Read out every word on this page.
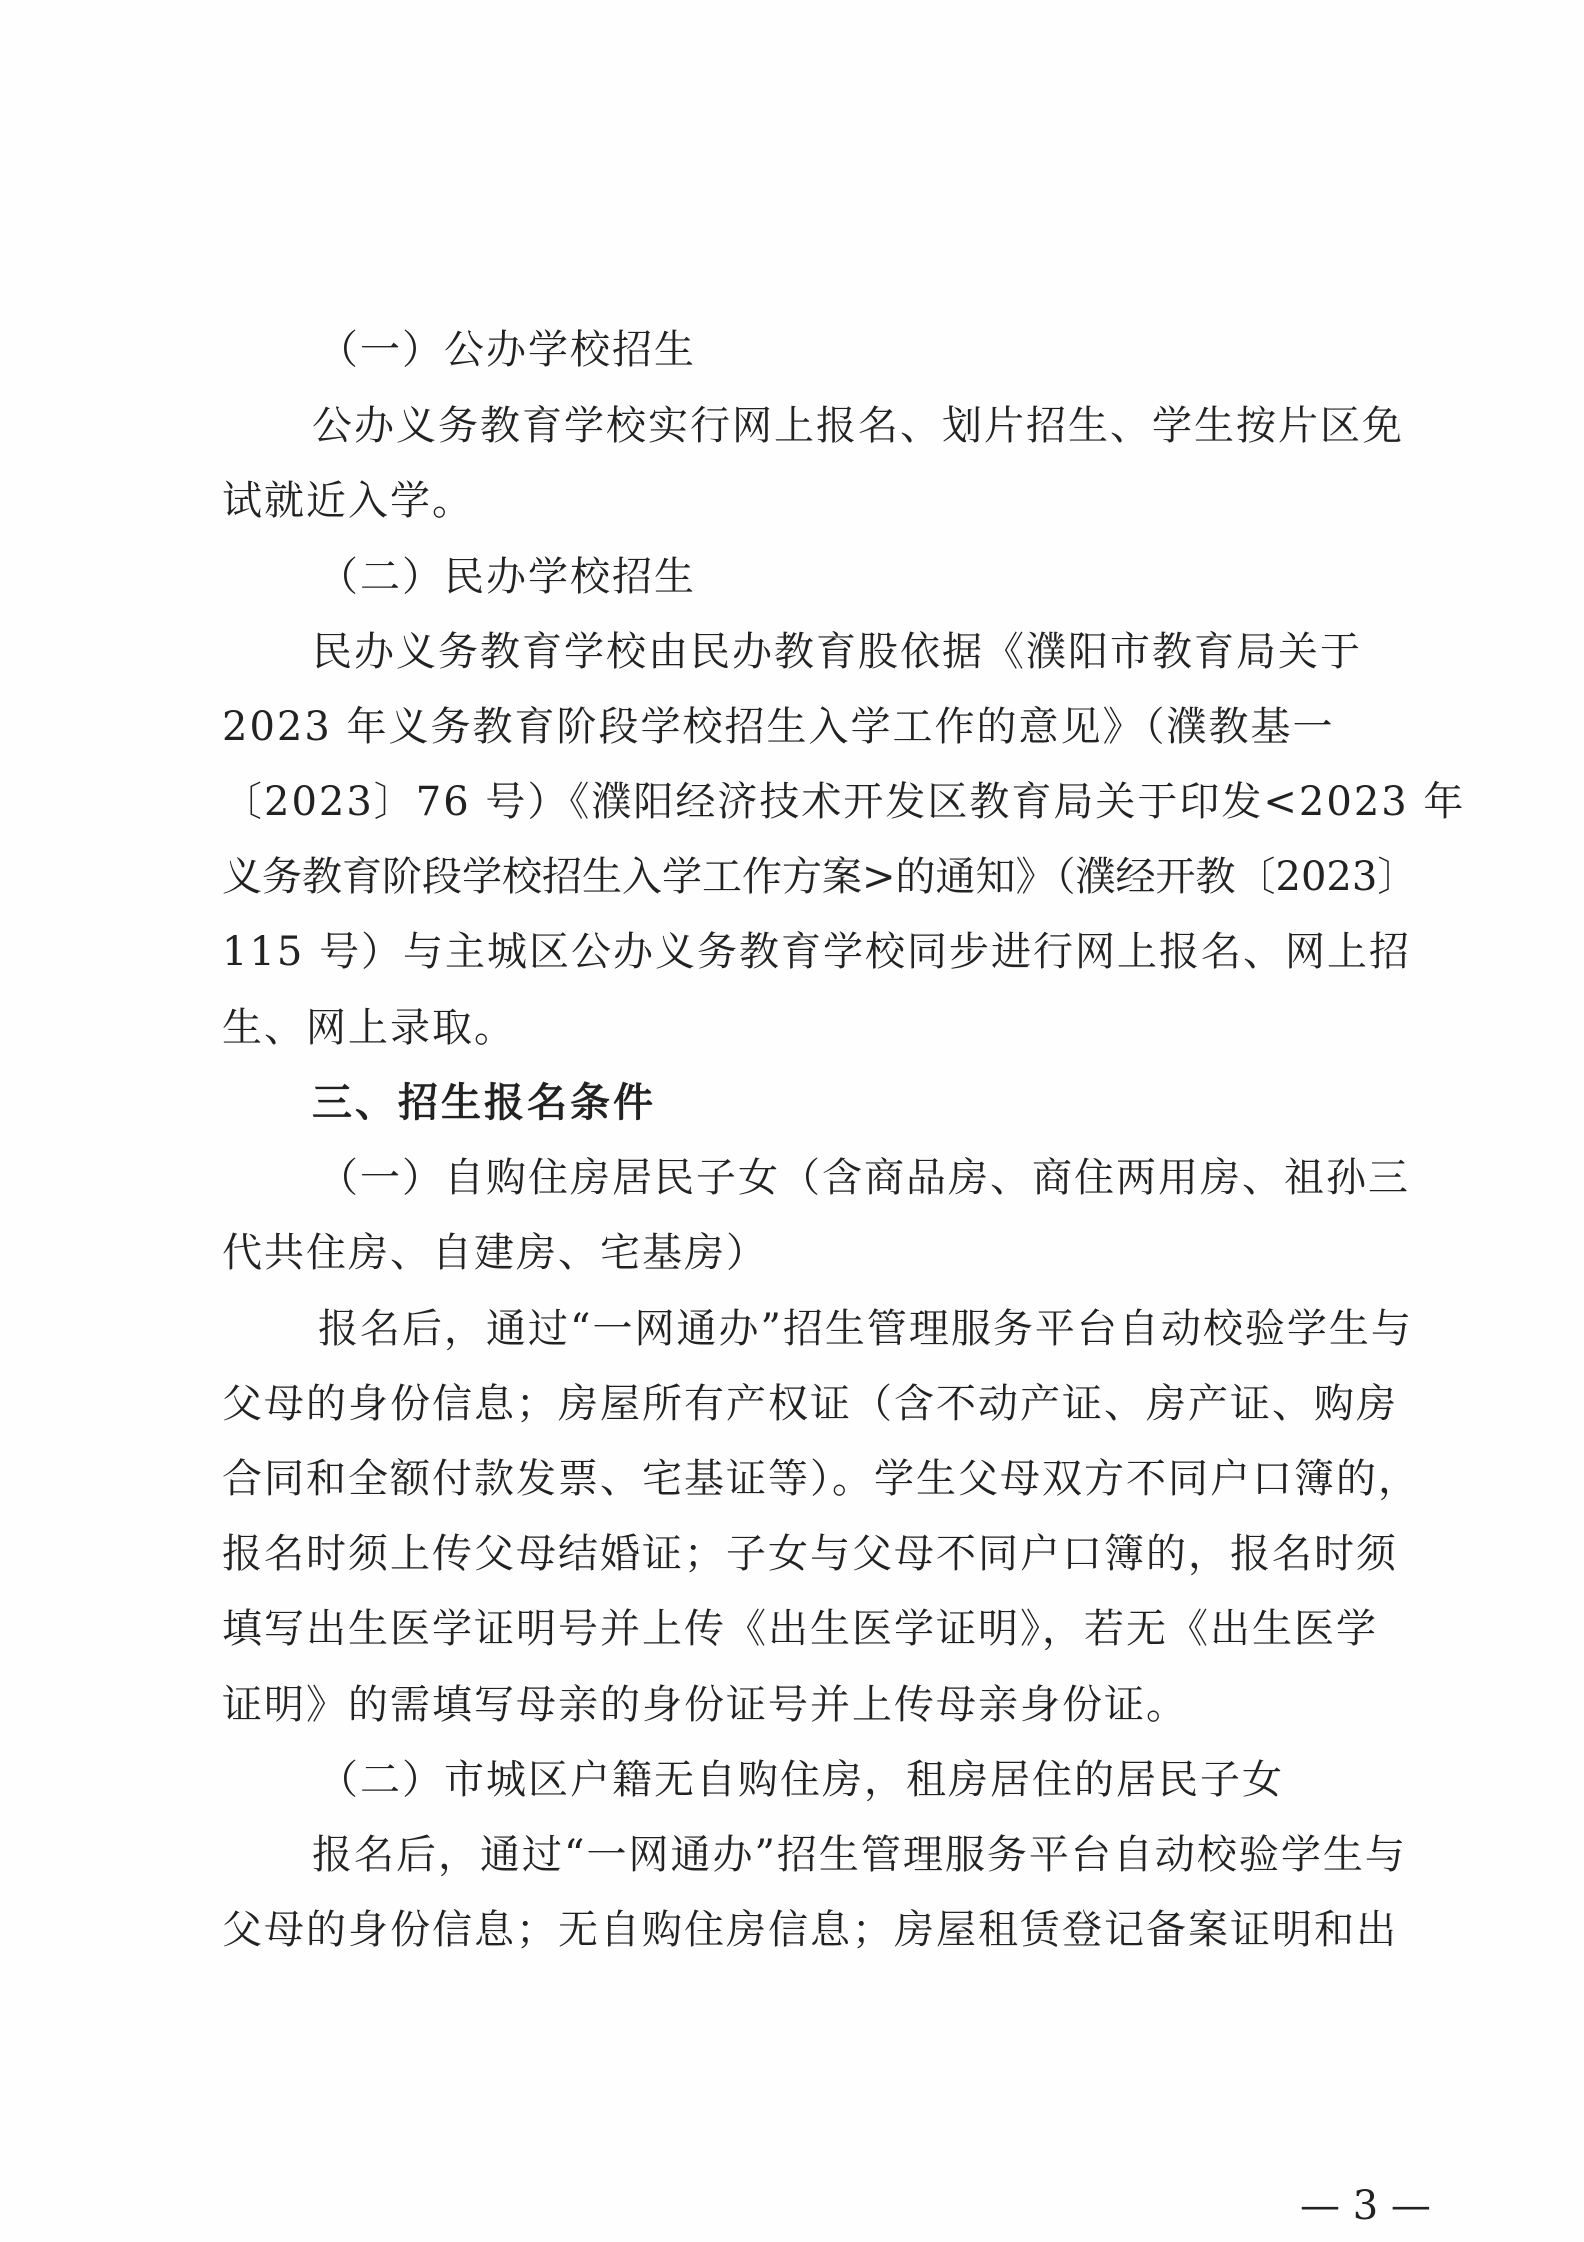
（一）公办学校招生
公办义务教育学校实行网上报名、划片招生、学生按片区免
试就近入学。
（二）民办学校招生
民办义务教育学校由民办教育股依据《濮阳市教育局关于
2023 年义务教育阶段学校招生入学工作的意见》（濮教基一
〔2023〕76 号）《濮阳经济技术开发区教育局关于印发<2023 年
义务教育阶段学校招生入学工作方案>的通知》（濮经开教〔2023〕
115 号）与主城区公办义务教育学校同步进行网上报名、网上招
生、网上录取。
三、招生报名条件
（一）自购住房居民子女（含商品房、商住两用房、祖孙三
代共住房、自建房、宅基房）
报名后，通过“一网通办”招生管理服务平台自动校验学生与
父母的身份信息；房屋所有产权证（含不动产证、房产证、购房
合同和全额付款发票、宅基证等）。学生父母双方不同户口簿的，
报名时须上传父母结婚证；子女与父母不同户口簿的，报名时须
填写出生医学证明号并上传《出生医学证明》，若无《出生医学
证明》的需填写母亲的身份证号并上传母亲身份证。
（二）市城区户籍无自购住房，租房居住的居民子女
报名后，通过“一网通办”招生管理服务平台自动校验学生与
父母的身份信息；无自购住房信息；房屋租赁登记备案证明和出
— 3 —
